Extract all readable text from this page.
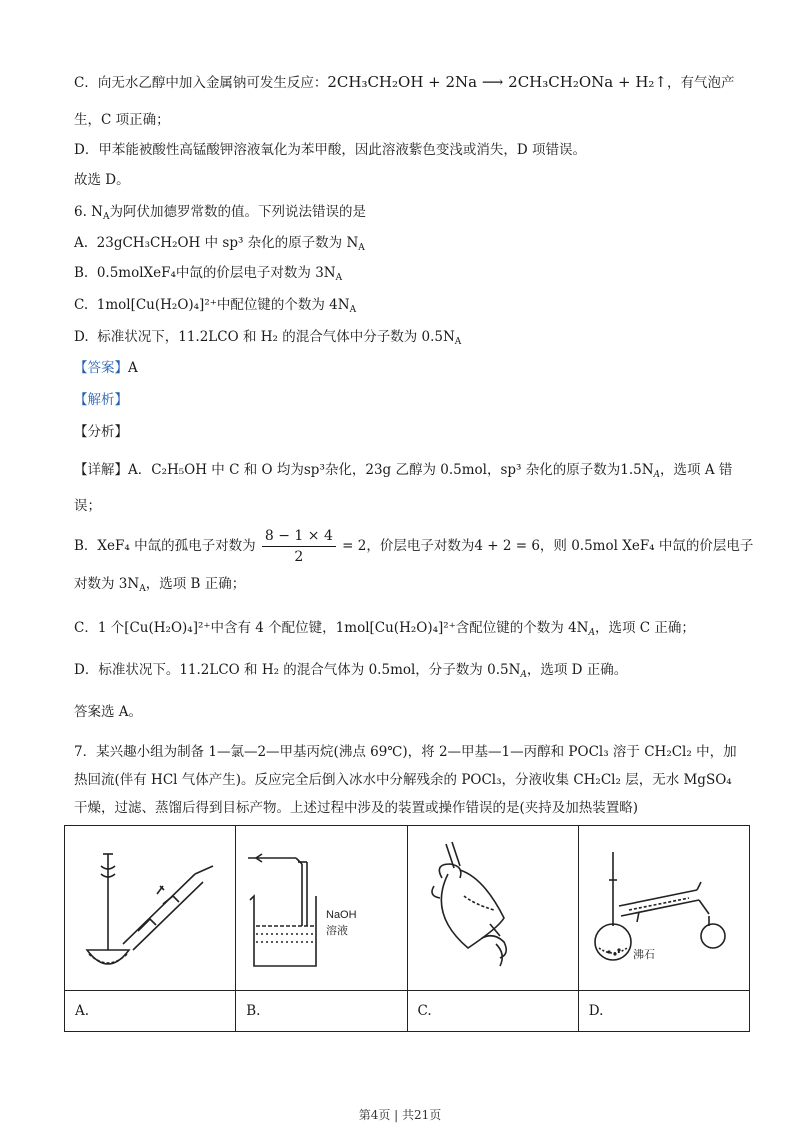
C．向无水乙醇中加入金属钠可发生反应：2CH₃CH₂OH + 2Na ⟶ 2CH₃CH₂ONa + H₂↑，有气泡产
生，C 项正确；
D．甲苯能被酸性高锰酸钾溶液氧化为苯甲酸，因此溶液紫色变浅或消失，D 项错误。
故选 D。
6. $N_A$为阿伏加德罗常数的值。下列说法错误的是
A. 23gCH₃CH₂OH 中 sp³ 杂化的原子数为 $N_A$
B. 0.5molXeF₄中氙的价层电子对数为 $3N_A$
C. 1mol[Cu(H₂O)₄]²⁺中配位键的个数为 $4N_A$
D. 标准状况下，11.2LCO 和 H₂ 的混合气体中分子数为 $0.5N_A$
【答案】A
【解析】
【分析】
【详解】A．C₂H₅OH 中 C 和 O 均为sp³杂化，23g 乙醇为 0.5mol，sp³ 杂化的原子数为$1.5N_A$，选项 A 错
误；
B．XeF₄ 中氙的孤电子对数为 $\frac{8 - 1 \times 4}{2} = 2$，价层电子对数为4 + 2 = 6，则 0.5mol XeF₄ 中氙的价层电子
对数为 $3N_A$，选项 B 正确；
C．1 个[Cu(H₂O)₄]²⁺中含有 4 个配位键，1mol[Cu(H₂O)₄]²⁺含配位键的个数为 $4N_A$，选项 C 正确；
D．标准状况下。11.2LCO 和 H₂ 的混合气体为 0.5mol，分子数为 $0.5N_A$，选项 D 正确。
答案选 A。
7．某兴趣小组为制备 1—氯—2—甲基丙烷(沸点 69℃)，将 2—甲基—1—丙醇和 POCl₃ 溶于 CH₂Cl₂ 中，加
热回流(伴有 HCl 气体产生)。反应完全后倒入冰水中分解残余的 POCl₃，分液收集 CH₂Cl₂ 层，无水 MgSO₄
干燥，过滤、蒸馏后得到目标产物。上述过程中涉及的装置或操作错误的是(夹持及加热装置略)

NaOH
溶液		沸石

A.	B.	C.	D.
第4页 | 共21页
